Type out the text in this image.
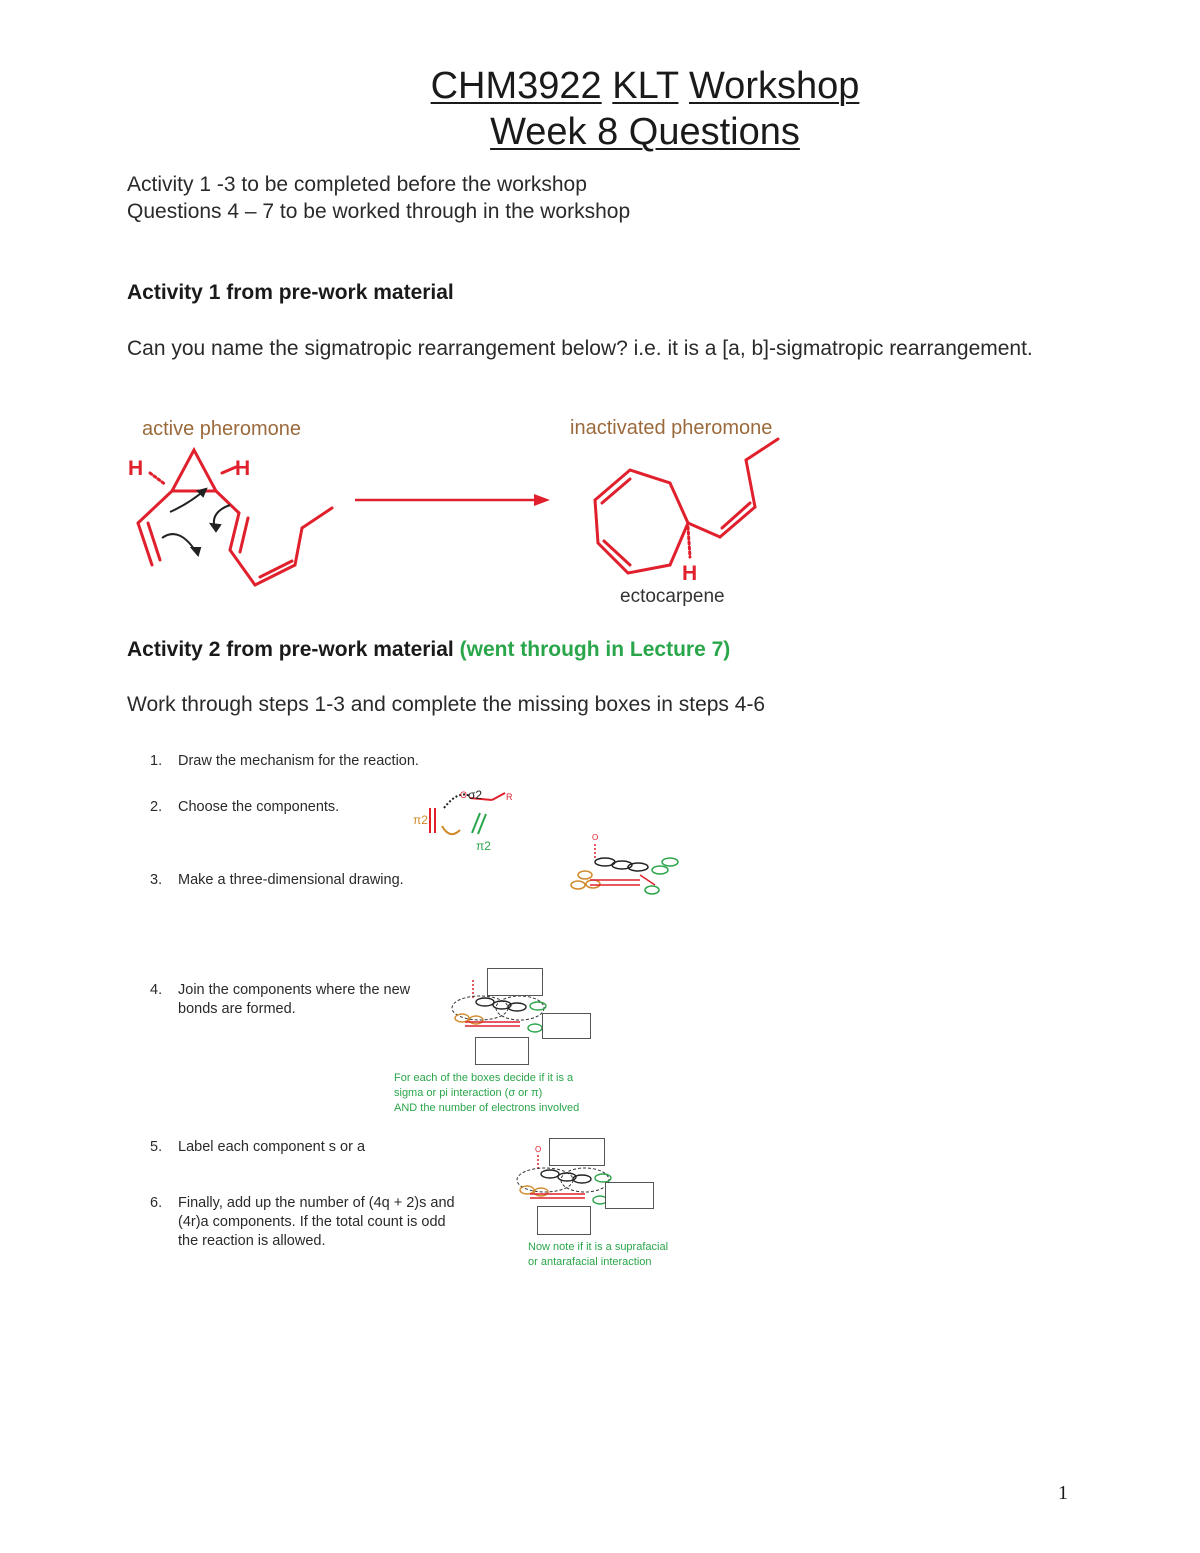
CHM3922 KLT Workshop
Week 8 Questions
Activity 1 -3 to be completed before the workshop
Questions 4 – 7 to be worked through in the workshop
Activity 1 from pre-work material
Can you name the sigmatropic rearrangement below? i.e. it is a [a, b]-sigmatropic rearrangement.
active pheromone	inactivated pheromone
H	H
H
ectocarpene
Activity 2 from pre-work material (went through in Lecture 7)
Work through steps 1-3 and complete the missing boxes in steps 4-6
1. Draw the mechanism for the reaction.
2. Choose the components.
3. Make a three-dimensional drawing.
4. Join the components where the new bonds are formed.
5. Label each component s or a
6. Finally, add up the number of (4q + 2)s and (4r)a components. If the total count is odd the reaction is allowed.
π2
σ2
O	R
π2
O
For each of the boxes decide if it is a
sigma or pi interaction (σ or π)
AND the number of electrons involved
O
Now note if it is a suprafacial
or antarafacial interaction
1
